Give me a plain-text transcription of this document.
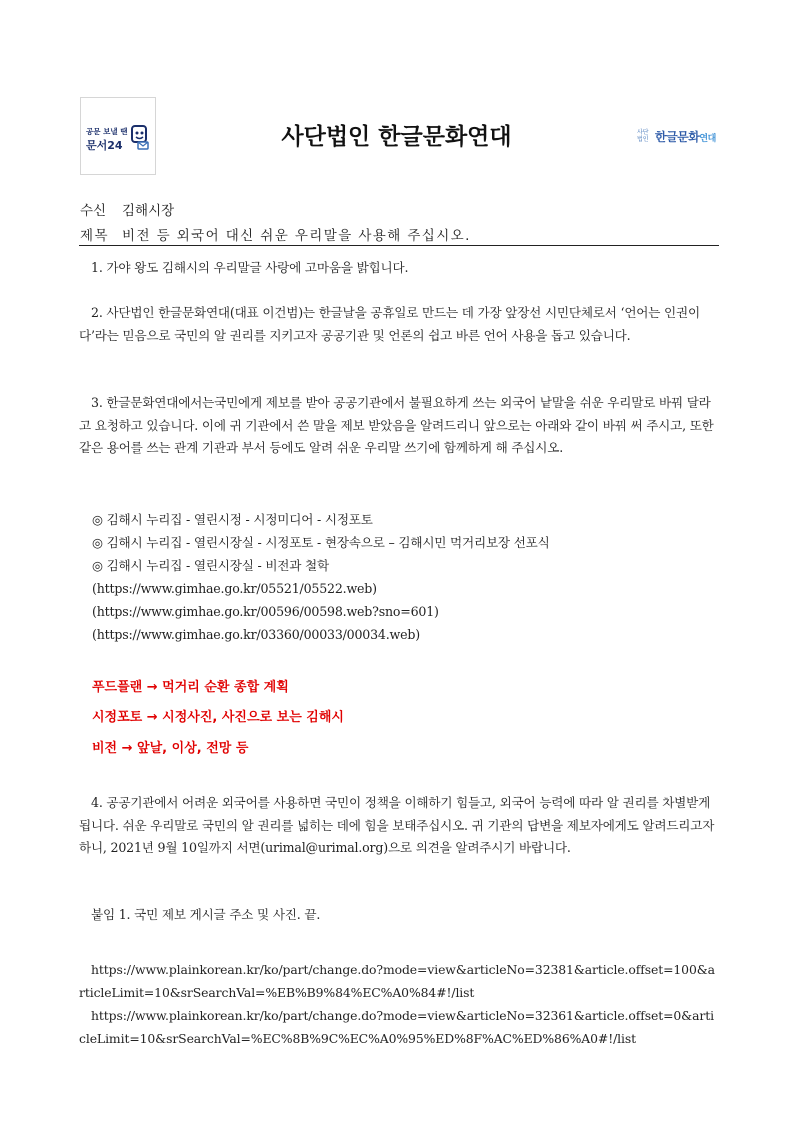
공문 보낼 땐
문서24	사단법인 한글문화연대	사단법인 한글문화연대
수신 김해시장
제목 비전 등 외국어 대신 쉬운 우리말을 사용해 주십시오.

1. 가야 왕도 김해시의 우리말글 사랑에 고마움을 밝힙니다.

2. 사단법인 한글문화연대(대표 이건범)는 한글날을 공휴일로 만드는 데 가장 앞장선 시민단체로서 ‘언어는 인권이다’라는 믿음으로 국민의 알 권리를 지키고자 공공기관 및 언론의 쉽고 바른 언어 사용을 돕고 있습니다.

3. 한글문화연대에서는국민에게 제보를 받아 공공기관에서 불필요하게 쓰는 외국어 낱말을 쉬운 우리말로 바꿔 달라고 요청하고 있습니다. 이에 귀 기관에서 쓴 말을 제보 받았음을 알려드리니 앞으로는 아래와 같이 바꿔 써 주시고, 또한 같은 용어를 쓰는 관계 기관과 부서 등에도 알려 쉬운 우리말 쓰기에 함께하게 해 주십시오.

◎ 김해시 누리집 - 열린시정 - 시정미디어 - 시정포토
◎ 김해시 누리집 - 열린시장실 - 시정포토 - 현장속으로 – 김해시민 먹거리보장 선포식
◎ 김해시 누리집 - 열린시장실 - 비전과 철학
(https://www.gimhae.go.kr/05521/05522.web)
(https://www.gimhae.go.kr/00596/00598.web?sno=601)
(https://www.gimhae.go.kr/03360/00033/00034.web)
푸드플랜 → 먹거리 순환 종합 계획
시정포토 → 시정사진, 사진으로 보는 김해시
비전 → 앞날, 이상, 전망 등

4. 공공기관에서 어려운 외국어를 사용하면 국민이 정책을 이해하기 힘들고, 외국어 능력에 따라 알 권리를 차별받게 됩니다. 쉬운 우리말로 국민의 알 권리를 넓히는 데에 힘을 보태주십시오. 귀 기관의 답변을 제보자에게도 알려드리고자 하니, 2021년 9월 10일까지 서면(urimal@urimal.org)으로 의견을 알려주시기 바랍니다.

붙임 1. 국민 제보 게시글 주소 및 사진. 끝.

https://www.plainkorean.kr/ko/part/change.do?mode=view&articleNo=32381&article.offset=100&articleLimit=10&srSearchVal=%EB%B9%84%EC%A0%84#!/list
https://www.plainkorean.kr/ko/part/change.do?mode=view&articleNo=32361&article.offset=0&articleLimit=10&srSearchVal=%EC%8B%9C%EC%A0%95%ED%8F%AC%ED%86%A0#!/list
